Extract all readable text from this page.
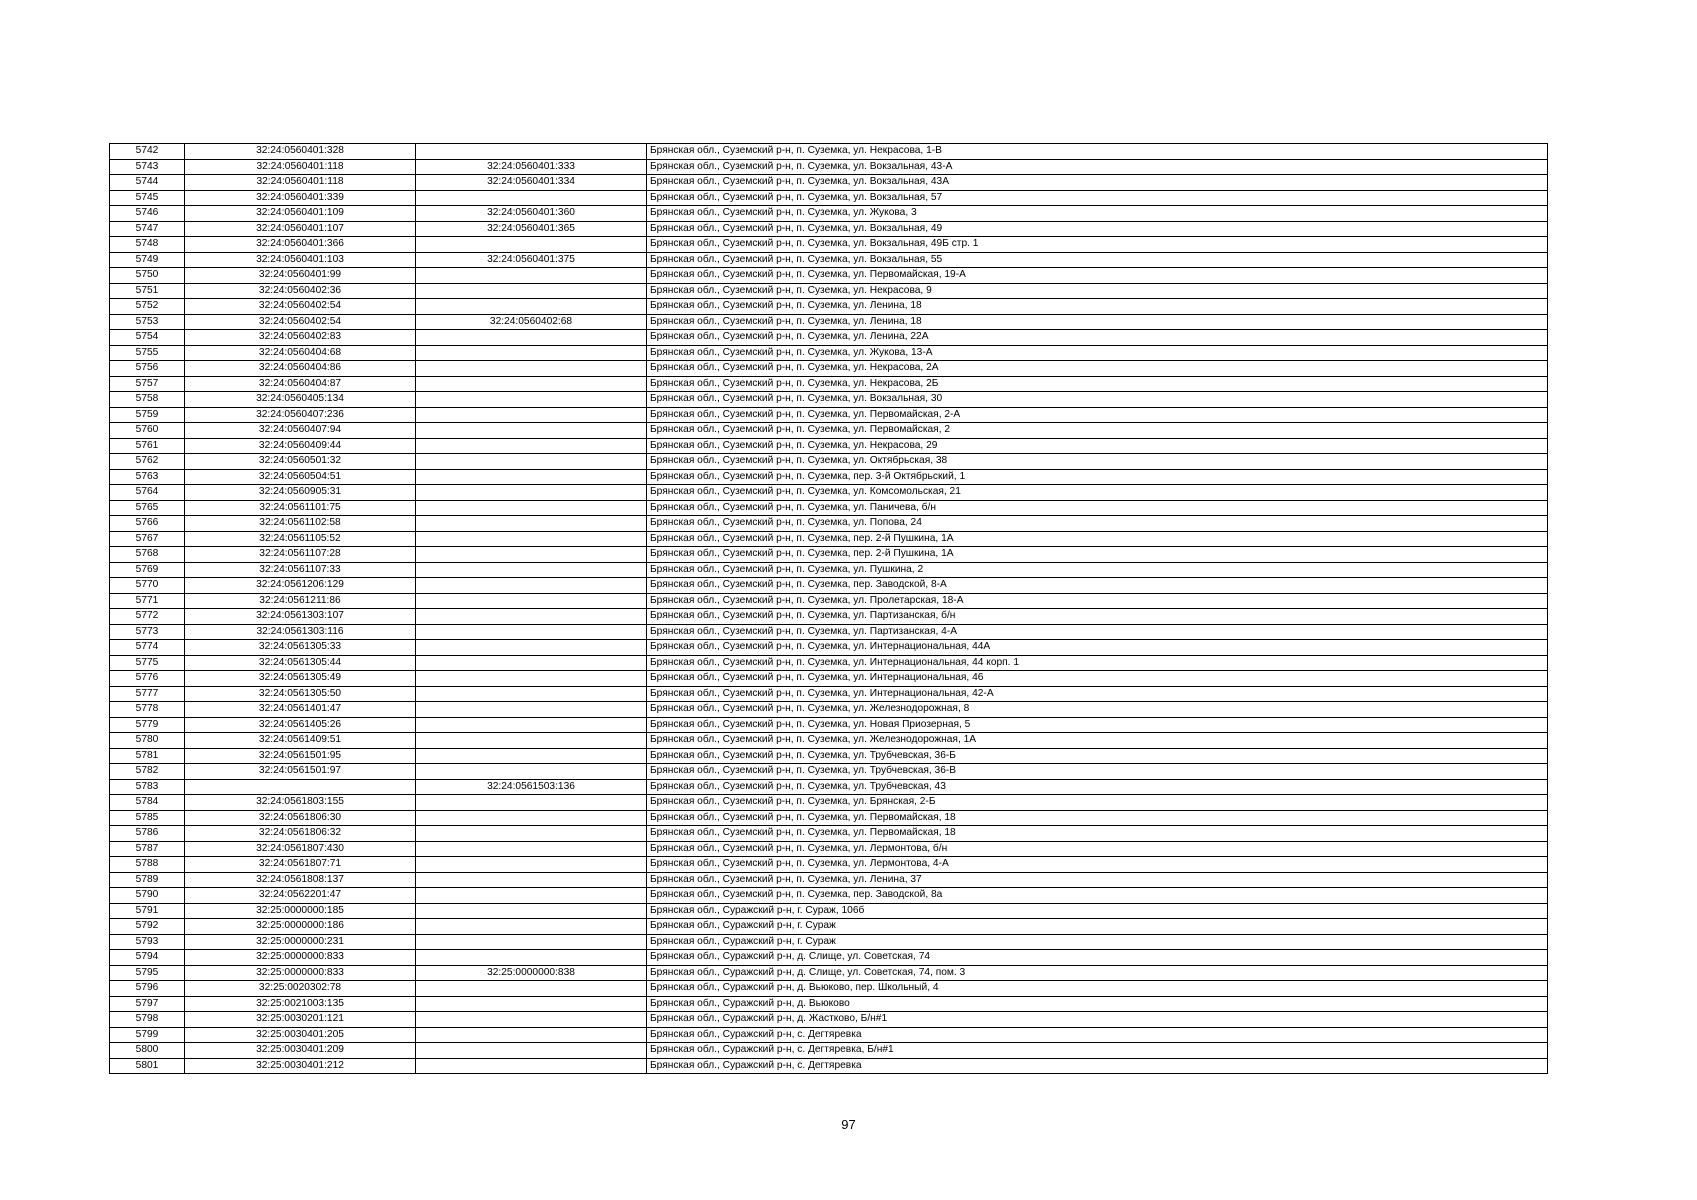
5742	32:24:0560401:328		Брянская обл., Суземский р-н, п. Суземка, ул. Некрасова, 1-В
5743	32:24:0560401:118	32:24:0560401:333	Брянская обл., Суземский р-н, п. Суземка, ул. Вокзальная, 43-А
5744	32:24:0560401:118	32:24:0560401:334	Брянская обл., Суземский р-н, п. Суземка, ул. Вокзальная, 43А
5745	32:24:0560401:339		Брянская обл., Суземский р-н, п. Суземка, ул. Вокзальная, 57
5746	32:24:0560401:109	32:24:0560401:360	Брянская обл., Суземский р-н, п. Суземка, ул. Жукова, 3
5747	32:24:0560401:107	32:24:0560401:365	Брянская обл., Суземский р-н, п. Суземка, ул. Вокзальная, 49
5748	32:24:0560401:366		Брянская обл., Суземский р-н, п. Суземка, ул. Вокзальная, 49Б стр. 1
5749	32:24:0560401:103	32:24:0560401:375	Брянская обл., Суземский р-н, п. Суземка, ул. Вокзальная, 55
5750	32:24:0560401:99		Брянская обл., Суземский р-н, п. Суземка, ул. Первомайская, 19-А
5751	32:24:0560402:36		Брянская обл., Суземский р-н, п. Суземка, ул. Некрасова, 9
5752	32:24:0560402:54		Брянская обл., Суземский р-н, п. Суземка, ул. Ленина, 18
5753	32:24:0560402:54	32:24:0560402:68	Брянская обл., Суземский р-н, п. Суземка, ул. Ленина, 18
5754	32:24:0560402:83		Брянская обл., Суземский р-н, п. Суземка, ул. Ленина, 22А
5755	32:24:0560404:68		Брянская обл., Суземский р-н, п. Суземка, ул. Жукова, 13-А
5756	32:24:0560404:86		Брянская обл., Суземский р-н, п. Суземка, ул. Некрасова, 2А
5757	32:24:0560404:87		Брянская обл., Суземский р-н, п. Суземка, ул. Некрасова, 2Б
5758	32:24:0560405:134		Брянская обл., Суземский р-н, п. Суземка, ул. Вокзальная, 30
5759	32:24:0560407:236		Брянская обл., Суземский р-н, п. Суземка, ул. Первомайская, 2-А
5760	32:24:0560407:94		Брянская обл., Суземский р-н, п. Суземка, ул. Первомайская, 2
5761	32:24:0560409:44		Брянская обл., Суземский р-н, п. Суземка, ул. Некрасова, 29
5762	32:24:0560501:32		Брянская обл., Суземский р-н, п. Суземка, ул. Октябрьская, 38
5763	32:24:0560504:51		Брянская обл., Суземский р-н, п. Суземка, пер. 3-й Октябрьский, 1
5764	32:24:0560905:31		Брянская обл., Суземский р-н, п. Суземка, ул. Комсомольская, 21
5765	32:24:0561101:75		Брянская обл., Суземский р-н, п. Суземка, ул. Паничева, б/н
5766	32:24:0561102:58		Брянская обл., Суземский р-н, п. Суземка, ул. Попова, 24
5767	32:24:0561105:52		Брянская обл., Суземский р-н, п. Суземка, пер. 2-й Пушкина, 1А
5768	32:24:0561107:28		Брянская обл., Суземский р-н, п. Суземка, пер. 2-й Пушкина, 1А
5769	32:24:0561107:33		Брянская обл., Суземский р-н, п. Суземка, ул. Пушкина, 2
5770	32:24:0561206:129		Брянская обл., Суземский р-н, п. Суземка, пер. Заводской, 8-А
5771	32:24:0561211:86		Брянская обл., Суземский р-н, п. Суземка, ул. Пролетарская, 18-А
5772	32:24:0561303:107		Брянская обл., Суземский р-н, п. Суземка, ул. Партизанская, б/н
5773	32:24:0561303:116		Брянская обл., Суземский р-н, п. Суземка, ул. Партизанская, 4-А
5774	32:24:0561305:33		Брянская обл., Суземский р-н, п. Суземка, ул. Интернациональная, 44А
5775	32:24:0561305:44		Брянская обл., Суземский р-н, п. Суземка, ул. Интернациональная, 44 корп. 1
5776	32:24:0561305:49		Брянская обл., Суземский р-н, п. Суземка, ул. Интернациональная, 46
5777	32:24:0561305:50		Брянская обл., Суземский р-н, п. Суземка, ул. Интернациональная, 42-А
5778	32:24:0561401:47		Брянская обл., Суземский р-н, п. Суземка, ул. Железнодорожная, 8
5779	32:24:0561405:26		Брянская обл., Суземский р-н, п. Суземка, ул. Новая Приозерная, 5
5780	32:24:0561409:51		Брянская обл., Суземский р-н, п. Суземка, ул. Железнодорожная, 1А
5781	32:24:0561501:95		Брянская обл., Суземский р-н, п. Суземка, ул. Трубчевская, 36-Б
5782	32:24:0561501:97		Брянская обл., Суземский р-н, п. Суземка, ул. Трубчевская, 36-В
5783		32:24:0561503:136	Брянская обл., Суземский р-н, п. Суземка, ул. Трубчевская, 43
5784	32:24:0561803:155		Брянская обл., Суземский р-н, п. Суземка, ул. Брянская, 2-Б
5785	32:24:0561806:30		Брянская обл., Суземский р-н, п. Суземка, ул. Первомайская, 18
5786	32:24:0561806:32		Брянская обл., Суземский р-н, п. Суземка, ул. Первомайская, 18
5787	32:24:0561807:430		Брянская обл., Суземский р-н, п. Суземка, ул. Лермонтова, б/н
5788	32:24:0561807:71		Брянская обл., Суземский р-н, п. Суземка, ул. Лермонтова, 4-А
5789	32:24:0561808:137		Брянская обл., Суземский р-н, п. Суземка, ул. Ленина, 37
5790	32:24:0562201:47		Брянская обл., Суземский р-н, п. Суземка, пер. Заводской, 8а
5791	32:25:0000000:185		Брянская обл., Суражский р-н, г. Сураж, 106б
5792	32:25:0000000:186		Брянская обл., Суражский р-н, г. Сураж
5793	32:25:0000000:231		Брянская обл., Суражский р-н, г. Сураж
5794	32:25:0000000:833		Брянская обл., Суражский р-н, д. Слище, ул. Советская, 74
5795	32:25:0000000:833	32:25:0000000:838	Брянская обл., Суражский р-н, д. Слище, ул. Советская, 74, пом. 3
5796	32:25:0020302:78		Брянская обл., Суражский р-н, д. Вьюково, пер. Школьный, 4
5797	32:25:0021003:135		Брянская обл., Суражский р-н, д. Вьюково
5798	32:25:0030201:121		Брянская обл., Суражский р-н, д. Жастково, Б/н#1
5799	32:25:0030401:205		Брянская обл., Суражский р-н, с. Дегтяревка
5800	32:25:0030401:209		Брянская обл., Суражский р-н, с. Дегтяревка, Б/н#1
5801	32:25:0030401:212		Брянская обл., Суражский р-н, с. Дегтяревка
97
